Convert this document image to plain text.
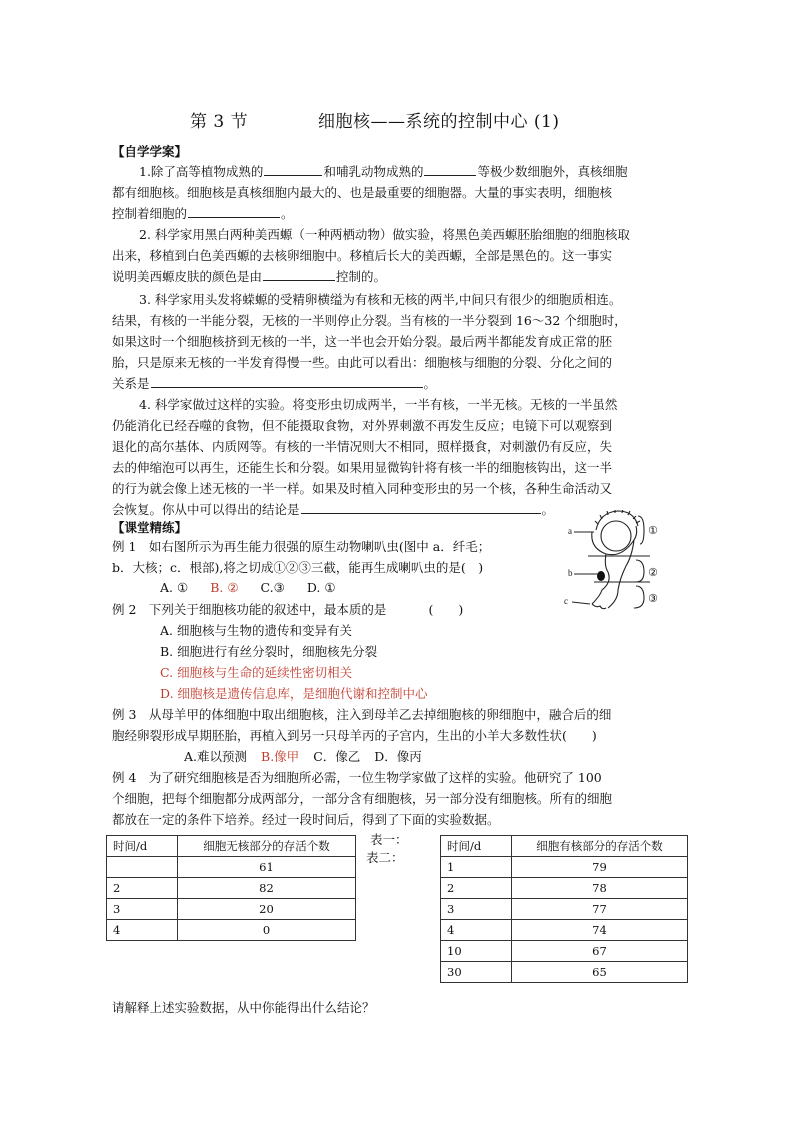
第 3 节	细胞核——系统的控制中心 (1)
【自学学案】
1.除了高等植物成熟的	和哺乳动物成熟的	等极少数细胞外，真核细胞
都有细胞核。细胞核是真核细胞内最大的、也是最重要的细胞器。大量的事实表明，细胞核
控制着细胞的	。
2. 科学家用黑白两种美西螈（一种两栖动物）做实验，将黑色美西螈胚胎细胞的细胞核取
出来，移植到白色美西螈的去核卵细胞中。移植后长大的美西螈，全部是黑色的。这一事实
说明美西螈皮肤的颜色是由	控制的。
3. 科学家用头发将蝾螈的受精卵横缢为有核和无核的两半,中间只有很少的细胞质相连。
结果，有核的一半能分裂，无核的一半则停止分裂。当有核的一半分裂到 16～32 个细胞时，
如果这时一个细胞核挤到无核的一半，这一半也会开始分裂。最后两半都能发育成正常的胚
胎，只是原来无核的一半发育得慢一些。由此可以看出：细胞核与细胞的分裂、分化之间的
关系是	。
4. 科学家做过这样的实验。将变形虫切成两半，一半有核，一半无核。无核的一半虽然
仍能消化已经吞噬的食物，但不能摄取食物，对外界刺激不再发生反应；电镜下可以观察到
退化的高尔基体、内质网等。有核的一半情况则大不相同，照样摄食，对刺激仍有反应，失
去的伸缩泡可以再生，还能生长和分裂。如果用显微钩针将有核一半的细胞核钩出，这一半
的行为就会像上述无核的一半一样。如果及时植入同种变形虫的另一个核，各种生命活动又
会恢复。你从中可以得出的结论是	。
【课堂精练】
例 1　如右图所示为再生能力很强的原生动物喇叭虫(图中 a．纤毛；
b．大核；c．根部),将之切成①②③三截，能再生成喇叭虫的是(　)
A. ① B. ② C.③ D. ①
例 2　下列关于细胞核功能的叙述中，最本质的是	(　　)
A. 细胞核与生物的遗传和变异有关
B. 细胞进行有丝分裂时，细胞核先分裂
C. 细胞核与生命的延续性密切相关
D. 细胞核是遗传信息库，是细胞代谢和控制中心
例 3　从母羊甲的体细胞中取出细胞核，注入到母羊乙去掉细胞核的卵细胞中，融合后的细
胞经卵裂形成早期胚胎，再植入到另一只母羊丙的子宫内，生出的小羊大多数性状(　　)
A.难以预测 B.像甲 C．像乙 D．像丙
例 4　为了研究细胞核是否为细胞所必需，一位生物学家做了这样的实验。他研究了 100
个细胞，把每个细胞都分成两部分，一部分含有细胞核，另一部分没有细胞核。所有的细胞
都放在一定的条件下培养。经过一段时间后，得到了下面的实验数据。
表一：
表二：
时间/d	细胞无核部分的存活个数
	61
2	82
3	20
4	0
时间/d	细胞有核部分的存活个数
1	79
2	78
3	77
4	74
10	67
30	65
请解释上述实验数据，从中你能得出什么结论？
a
b
c
①
②
③
